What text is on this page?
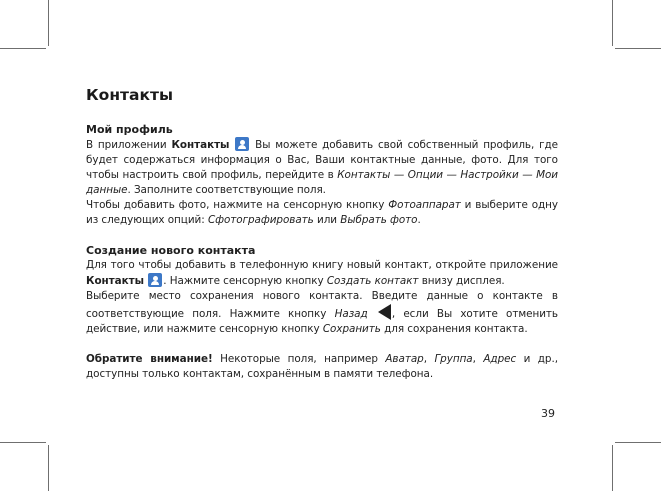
Контакты
Мой профиль

В приложении Контакты  Вы можете добавить свой собственный профиль, где будет содержаться информация о Вас, Ваши контактные данные, фото. Для того чтобы настроить свой профиль, перейдите в Контакты — Опции — Настройки — Мои данные. Заполните соответствующие поля.

Чтобы добавить фото, нажмите на сенсорную кнопку Фотоаппарат и выберите одну из следующих опций: Сфотографировать или Выбрать фото.

Создание нового контакта

Для того чтобы добавить в телефонную книгу новый контакт, откройте приложение Контакты . Нажмите сенсорную кнопку Создать контакт внизу дисплея.

Выберите место сохранения нового контакта. Введите данные о контакте в соответствующие поля. Нажмите кнопку Назад , если Вы хотите отменить действие, или нажмите сенсорную кнопку Сохранить для сохранения контакта.

Обратите внимание! Некоторые поля, например Аватар, Группа, Адрес и др., доступны только контактам, сохранённым в памяти телефона.

39
